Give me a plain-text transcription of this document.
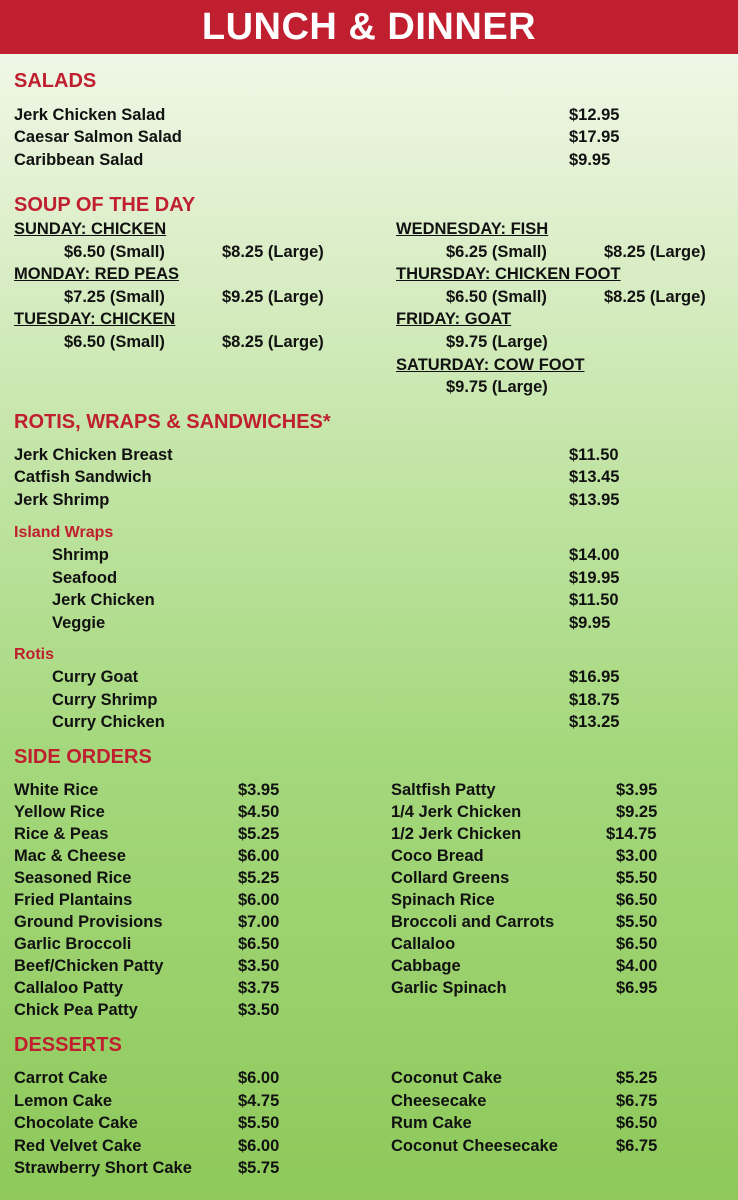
LUNCH & DINNER
SALADS
Jerk Chicken Salad	$12.95
Caesar Salmon Salad	$17.95
Caribbean Salad	$9.95
SOUP OF THE DAY
SUNDAY: CHICKEN
$6.50 (Small)	$8.25 (Large)
MONDAY: RED PEAS
$7.25 (Small)	$9.25 (Large)
TUESDAY: CHICKEN
$6.50 (Small)	$8.25 (Large)
WEDNESDAY: FISH
$6.25 (Small)	$8.25 (Large)
THURSDAY: CHICKEN FOOT
$6.50 (Small)	$8.25 (Large)
FRIDAY: GOAT
$9.75 (Large)
SATURDAY: COW FOOT
$9.75 (Large)
ROTIS, WRAPS & SANDWICHES*
Jerk Chicken Breast	$11.50
Catfish Sandwich	$13.45
Jerk Shrimp	$13.95
Island Wraps
Shrimp	$14.00
Seafood	$19.95
Jerk Chicken	$11.50
Veggie	$9.95
Rotis
Curry Goat	$16.95
Curry Shrimp	$18.75
Curry Chicken	$13.25
SIDE ORDERS
White Rice	$3.95
Yellow Rice	$4.50
Rice & Peas	$5.25
Mac & Cheese	$6.00
Seasoned Rice	$5.25
Fried Plantains	$6.00
Ground Provisions	$7.00
Garlic Broccoli	$6.50
Beef/Chicken Patty	$3.50
Callaloo Patty	$3.75
Chick Pea Patty	$3.50
Saltfish Patty	$3.95
1/4 Jerk Chicken	$9.25
1/2 Jerk Chicken	$14.75
Coco Bread	$3.00
Collard Greens	$5.50
Spinach Rice	$6.50
Broccoli and Carrots	$5.50
Callaloo	$6.50
Cabbage	$4.00
Garlic Spinach	$6.95
DESSERTS
Carrot Cake	$6.00
Lemon Cake	$4.75
Chocolate Cake	$5.50
Red Velvet Cake	$6.00
Strawberry Short Cake	$5.75
Coconut Cake	$5.25
Cheesecake	$6.75
Rum Cake	$6.50
Coconut Cheesecake	$6.75
